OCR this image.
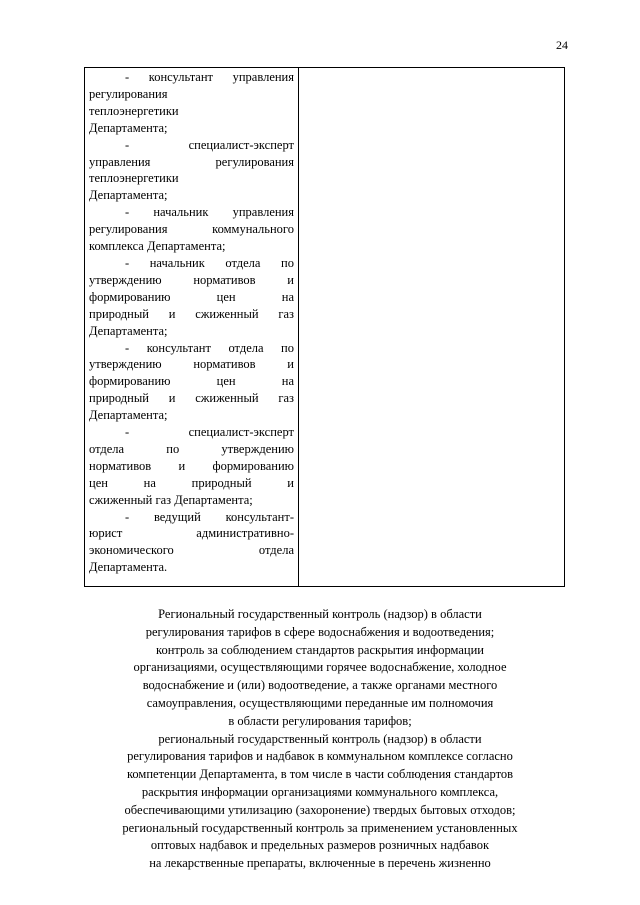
24

- консультант управления
регулирования
теплоэнергетики
Департамента;

- специалист-эксперт
управления регулирования
теплоэнергетики
Департамента;

- начальник управления
регулирования коммунального
комплекса Департамента;

- начальник отдела по
утверждению нормативов и
формированию цен на
природный и сжиженный газ
Департамента;

- консультант отдела по
утверждению нормативов и
формированию цен на
природный и сжиженный газ
Департамента;

- специалист-эксперт
отдела по утверждению
нормативов и формированию
цен на природный и
сжиженный газ Департамента;

- ведущий консультант-
юрист административно-
экономического отдела
Департамента.

Региональный государственный контроль (надзор) в области

регулирования тарифов в сфере водоснабжения и водоотведения;

контроль за соблюдением стандартов раскрытия информации

организациями, осуществляющими горячее водоснабжение, холодное

водоснабжение и (или) водоотведение, а также органами местного

самоуправления, осуществляющими переданные им полномочия

в области регулирования тарифов;

региональный государственный контроль (надзор) в области

регулирования тарифов и надбавок в коммунальном комплексе согласно

компетенции Департамента, в том числе в части соблюдения стандартов

раскрытия информации организациями коммунального комплекса,

обеспечивающими утилизацию (захоронение) твердых бытовых отходов;

региональный государственный контроль за применением установленных

оптовых надбавок и предельных размеров розничных надбавок

на лекарственные препараты, включенные в перечень жизненно
